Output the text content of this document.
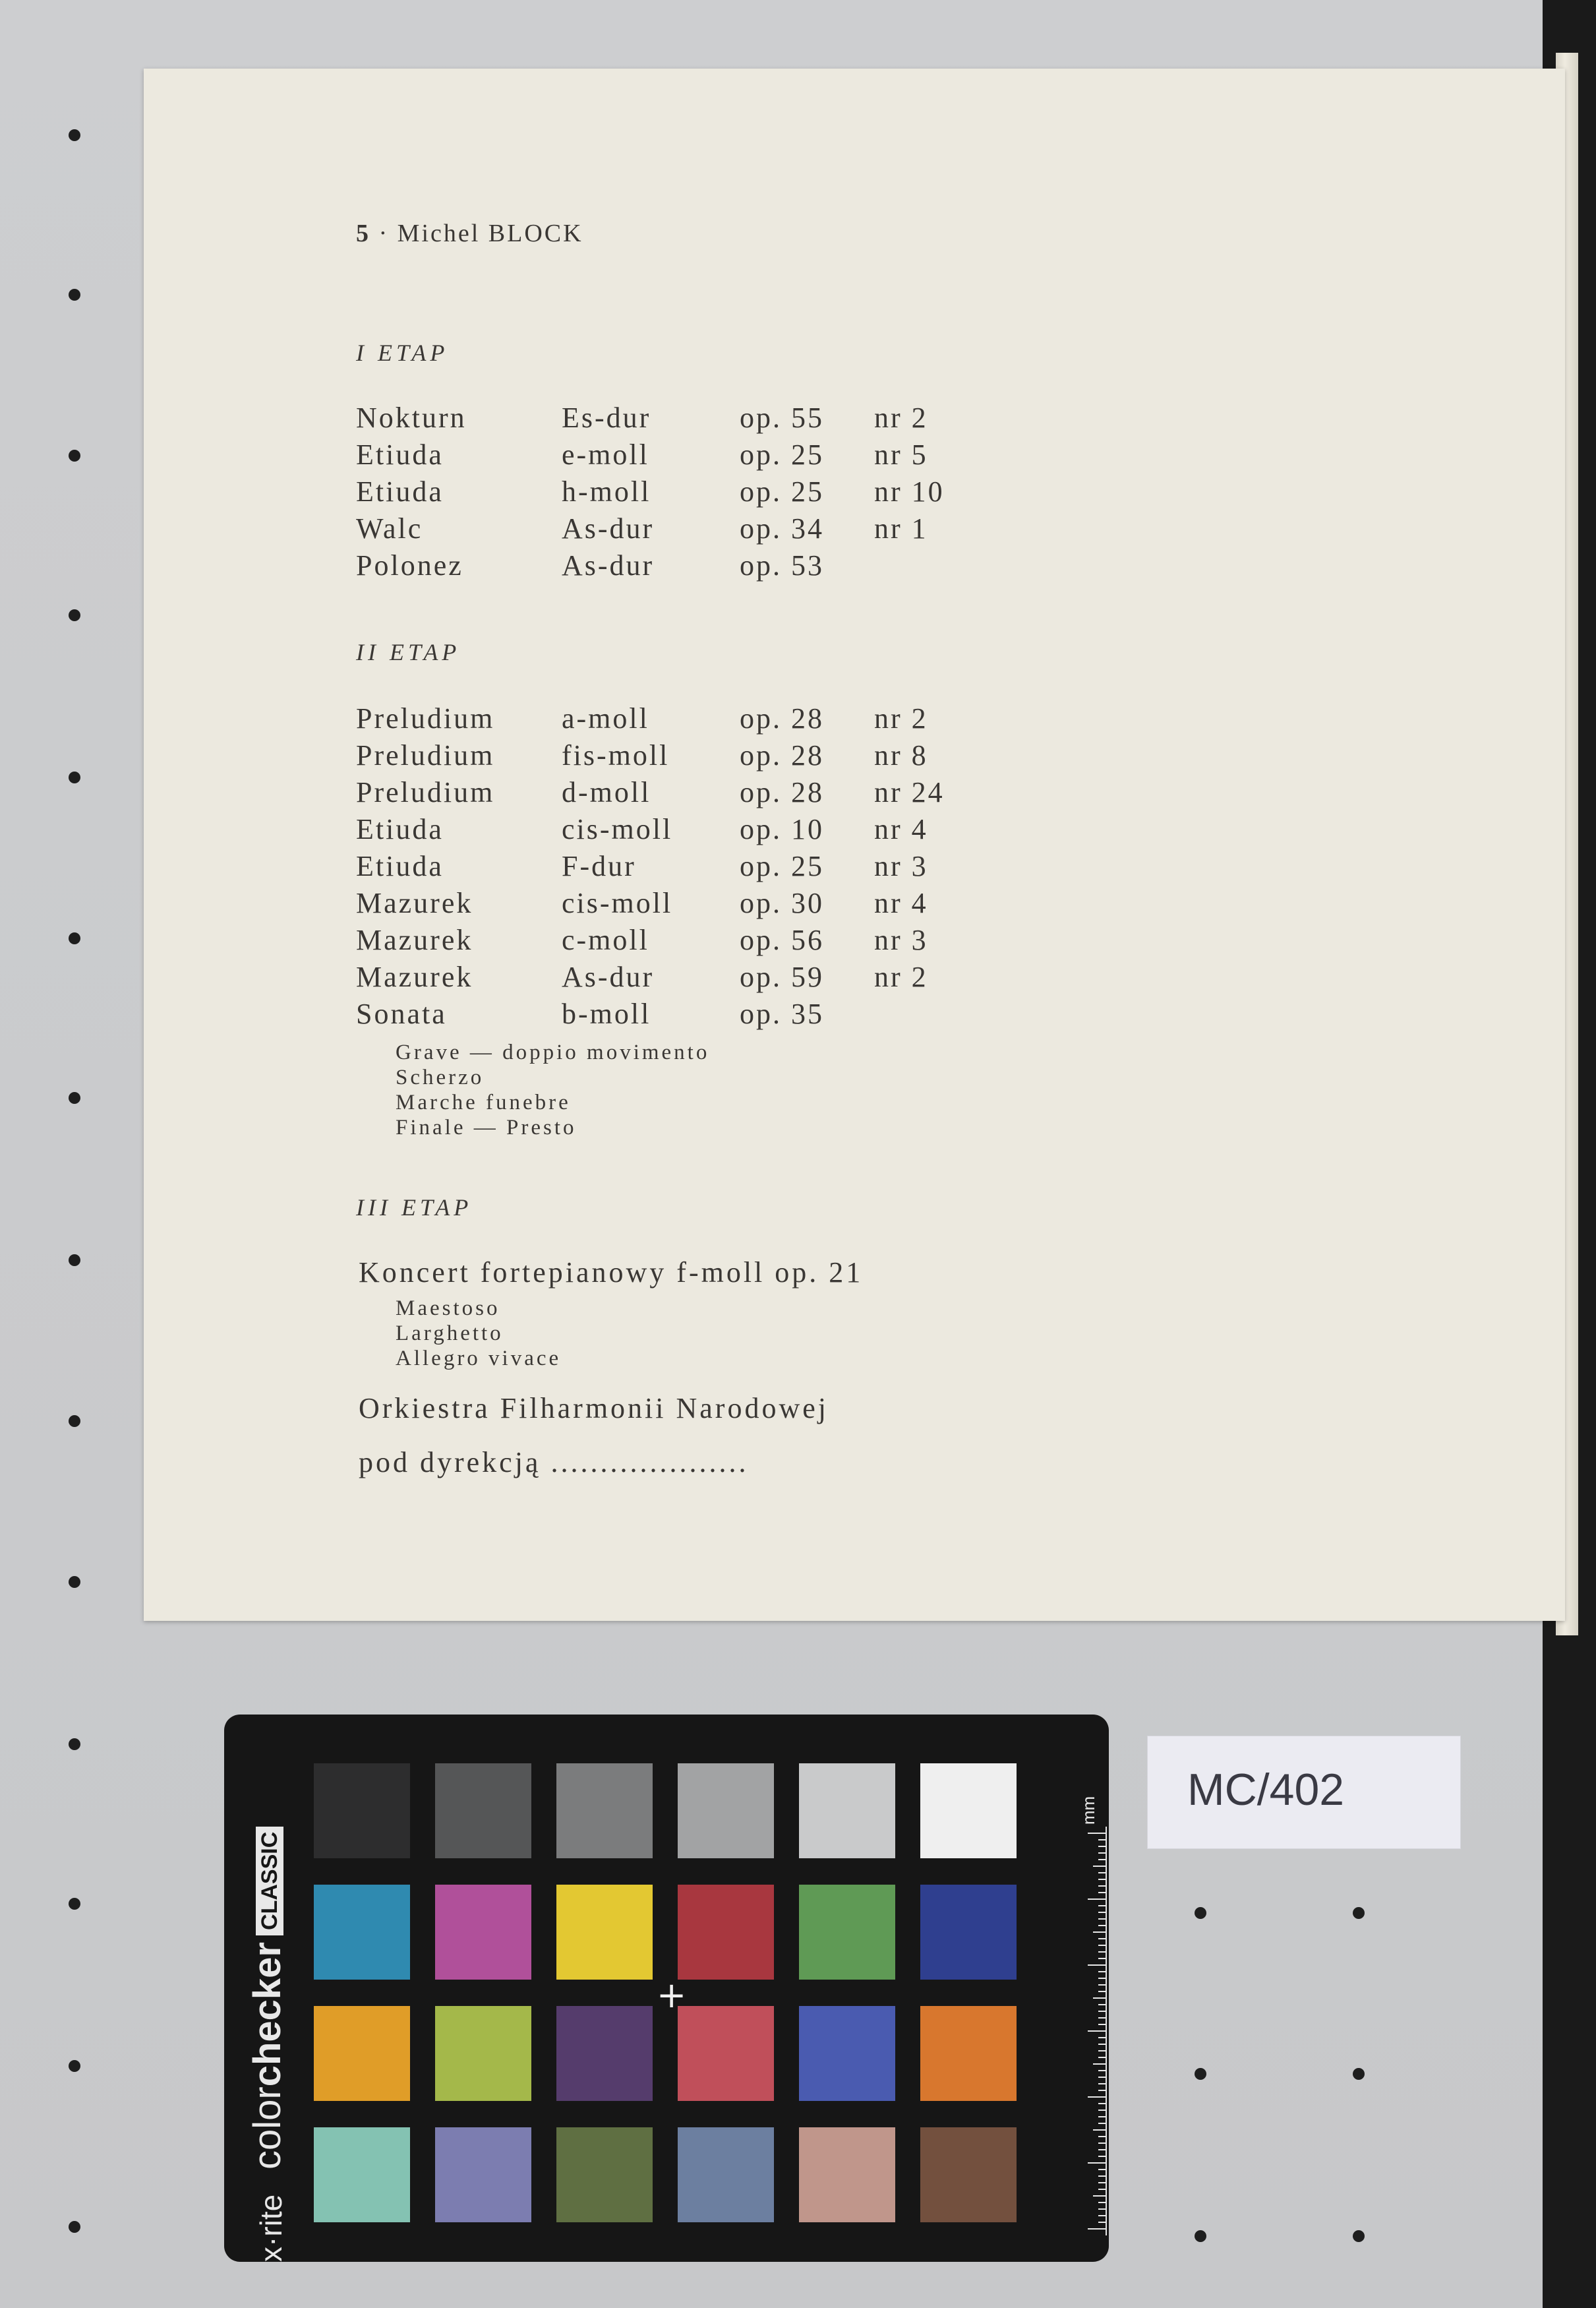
5 · Michel BLOCK
I ETAP
Nokturn	Es-dur	op. 55 nr 2
Etiuda	e-moll	op. 25 nr 5
Etiuda	h-moll	op. 25 nr 10
Walc	As-dur	op. 34 nr 1
Polonez	As-dur	op. 53
II ETAP
Preludium a-moll	op. 28 nr 2
Preludium fis-moll op. 28 nr 8
Preludium d-moll	op. 28 nr 24
Etiuda	cis-moll op. 10 nr 4
Etiuda	F-dur	op. 25 nr 3
Mazurek	cis-moll op. 30 nr 4
Mazurek	c-moll	op. 56 nr 3
Mazurek	As-dur	op. 59 nr 2
Sonata	b-moll	op. 35
Grave — doppio movimento
Scherzo
Marche funebre
Finale — Presto
III ETAP
Koncert fortepianowy f-moll op. 21
Maestoso
Larghetto
Allegro vivace
Orkiestra Filharmonii Narodowej
pod dyrekcją ....................
colorcheckerCLASSIC
x·rite
mm
+
MC/402
